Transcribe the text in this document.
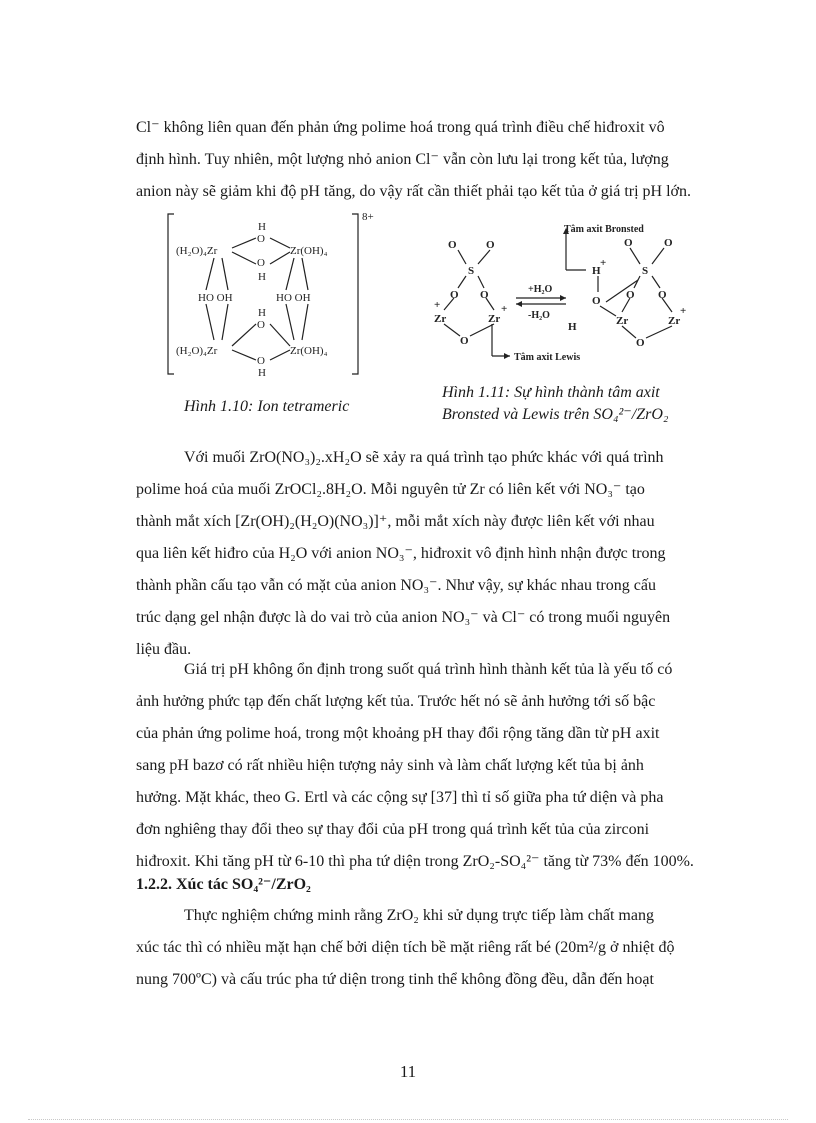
Cl⁻ không liên quan đến phản ứng polime hoá trong quá trình điều chế hiđroxit vô

định hình. Tuy nhiên, một lượng nhỏ anion Cl⁻ vẫn còn lưu lại trong kết tủa, lượng

anion này sẽ giảm khi độ pH tăng, do vậy rất cần thiết phải tạo kết tủa ở giá trị pH lớn.

8+
H
O
(H₂O)₄Zr	Zr(OH)₄
O
H
HO OH	HO OH
H
O
(H₂O)₄Zr	Zr(OH)₄
O
H
Hình 1.10: Ion tetrameric
O	O
S
O O
+
Zr	Zr
+
O
+H₂O
-H₂O
Tâm axit Bronsted
H
+
O
H
O	O
S
O O
Zr	Zr
+
O
Tâm axit Lewis
Hình 1.11: Sự hình thành tâm axit
Bronsted và Lewis trên SO₄²⁻/ZrO₂

Với muối ZrO(NO₃)₂.xH₂O sẽ xảy ra quá trình tạo phức khác với quá trình

polime hoá của muối ZrOCl₂.8H₂O. Mỗi nguyên tử Zr có liên kết với NO₃⁻ tạo

thành mắt xích [Zr(OH)₂(H₂O)(NO₃)]⁺, mỗi mắt xích này được liên kết với nhau

qua liên kết hiđro của H₂O với anion NO₃⁻, hiđroxit vô định hình nhận được trong

thành phần cấu tạo vẫn có mặt của anion NO₃⁻. Như vậy, sự khác nhau trong cấu

trúc dạng gel nhận được là do vai trò của anion NO₃⁻ và Cl⁻ có trong muối nguyên

liệu đầu.

Giá trị pH không ổn định trong suốt quá trình hình thành kết tủa là yếu tố có

ảnh hưởng phức tạp đến chất lượng kết tủa. Trước hết nó sẽ ảnh hưởng tới số bậc

của phản ứng polime hoá, trong một khoảng pH thay đổi rộng tăng dần từ pH axit

sang pH bazơ có rất nhiều hiện tượng nảy sinh và làm chất lượng kết tủa bị ảnh

hưởng. Mặt khác, theo G. Ertl và các cộng sự [37] thì tỉ số giữa pha tứ diện và pha

đơn nghiêng thay đổi theo sự thay đổi của pH trong quá trình kết tủa của zirconi

hiđroxit. Khi tăng pH từ 6-10 thì pha tứ diện trong ZrO₂-SO₄²⁻ tăng từ 73% đến 100%.

1.2.2. Xúc tác SO₄²⁻/ZrO₂

Thực nghiệm chứng minh rằng ZrO₂ khi sử dụng trực tiếp làm chất mang

xúc tác thì có nhiều mặt hạn chế bởi diện tích bề mặt riêng rất bé (20m²/g ở nhiệt độ

nung 700ºC) và cấu trúc pha tứ diện trong tinh thể không đồng đều, dẫn đến hoạt

11
